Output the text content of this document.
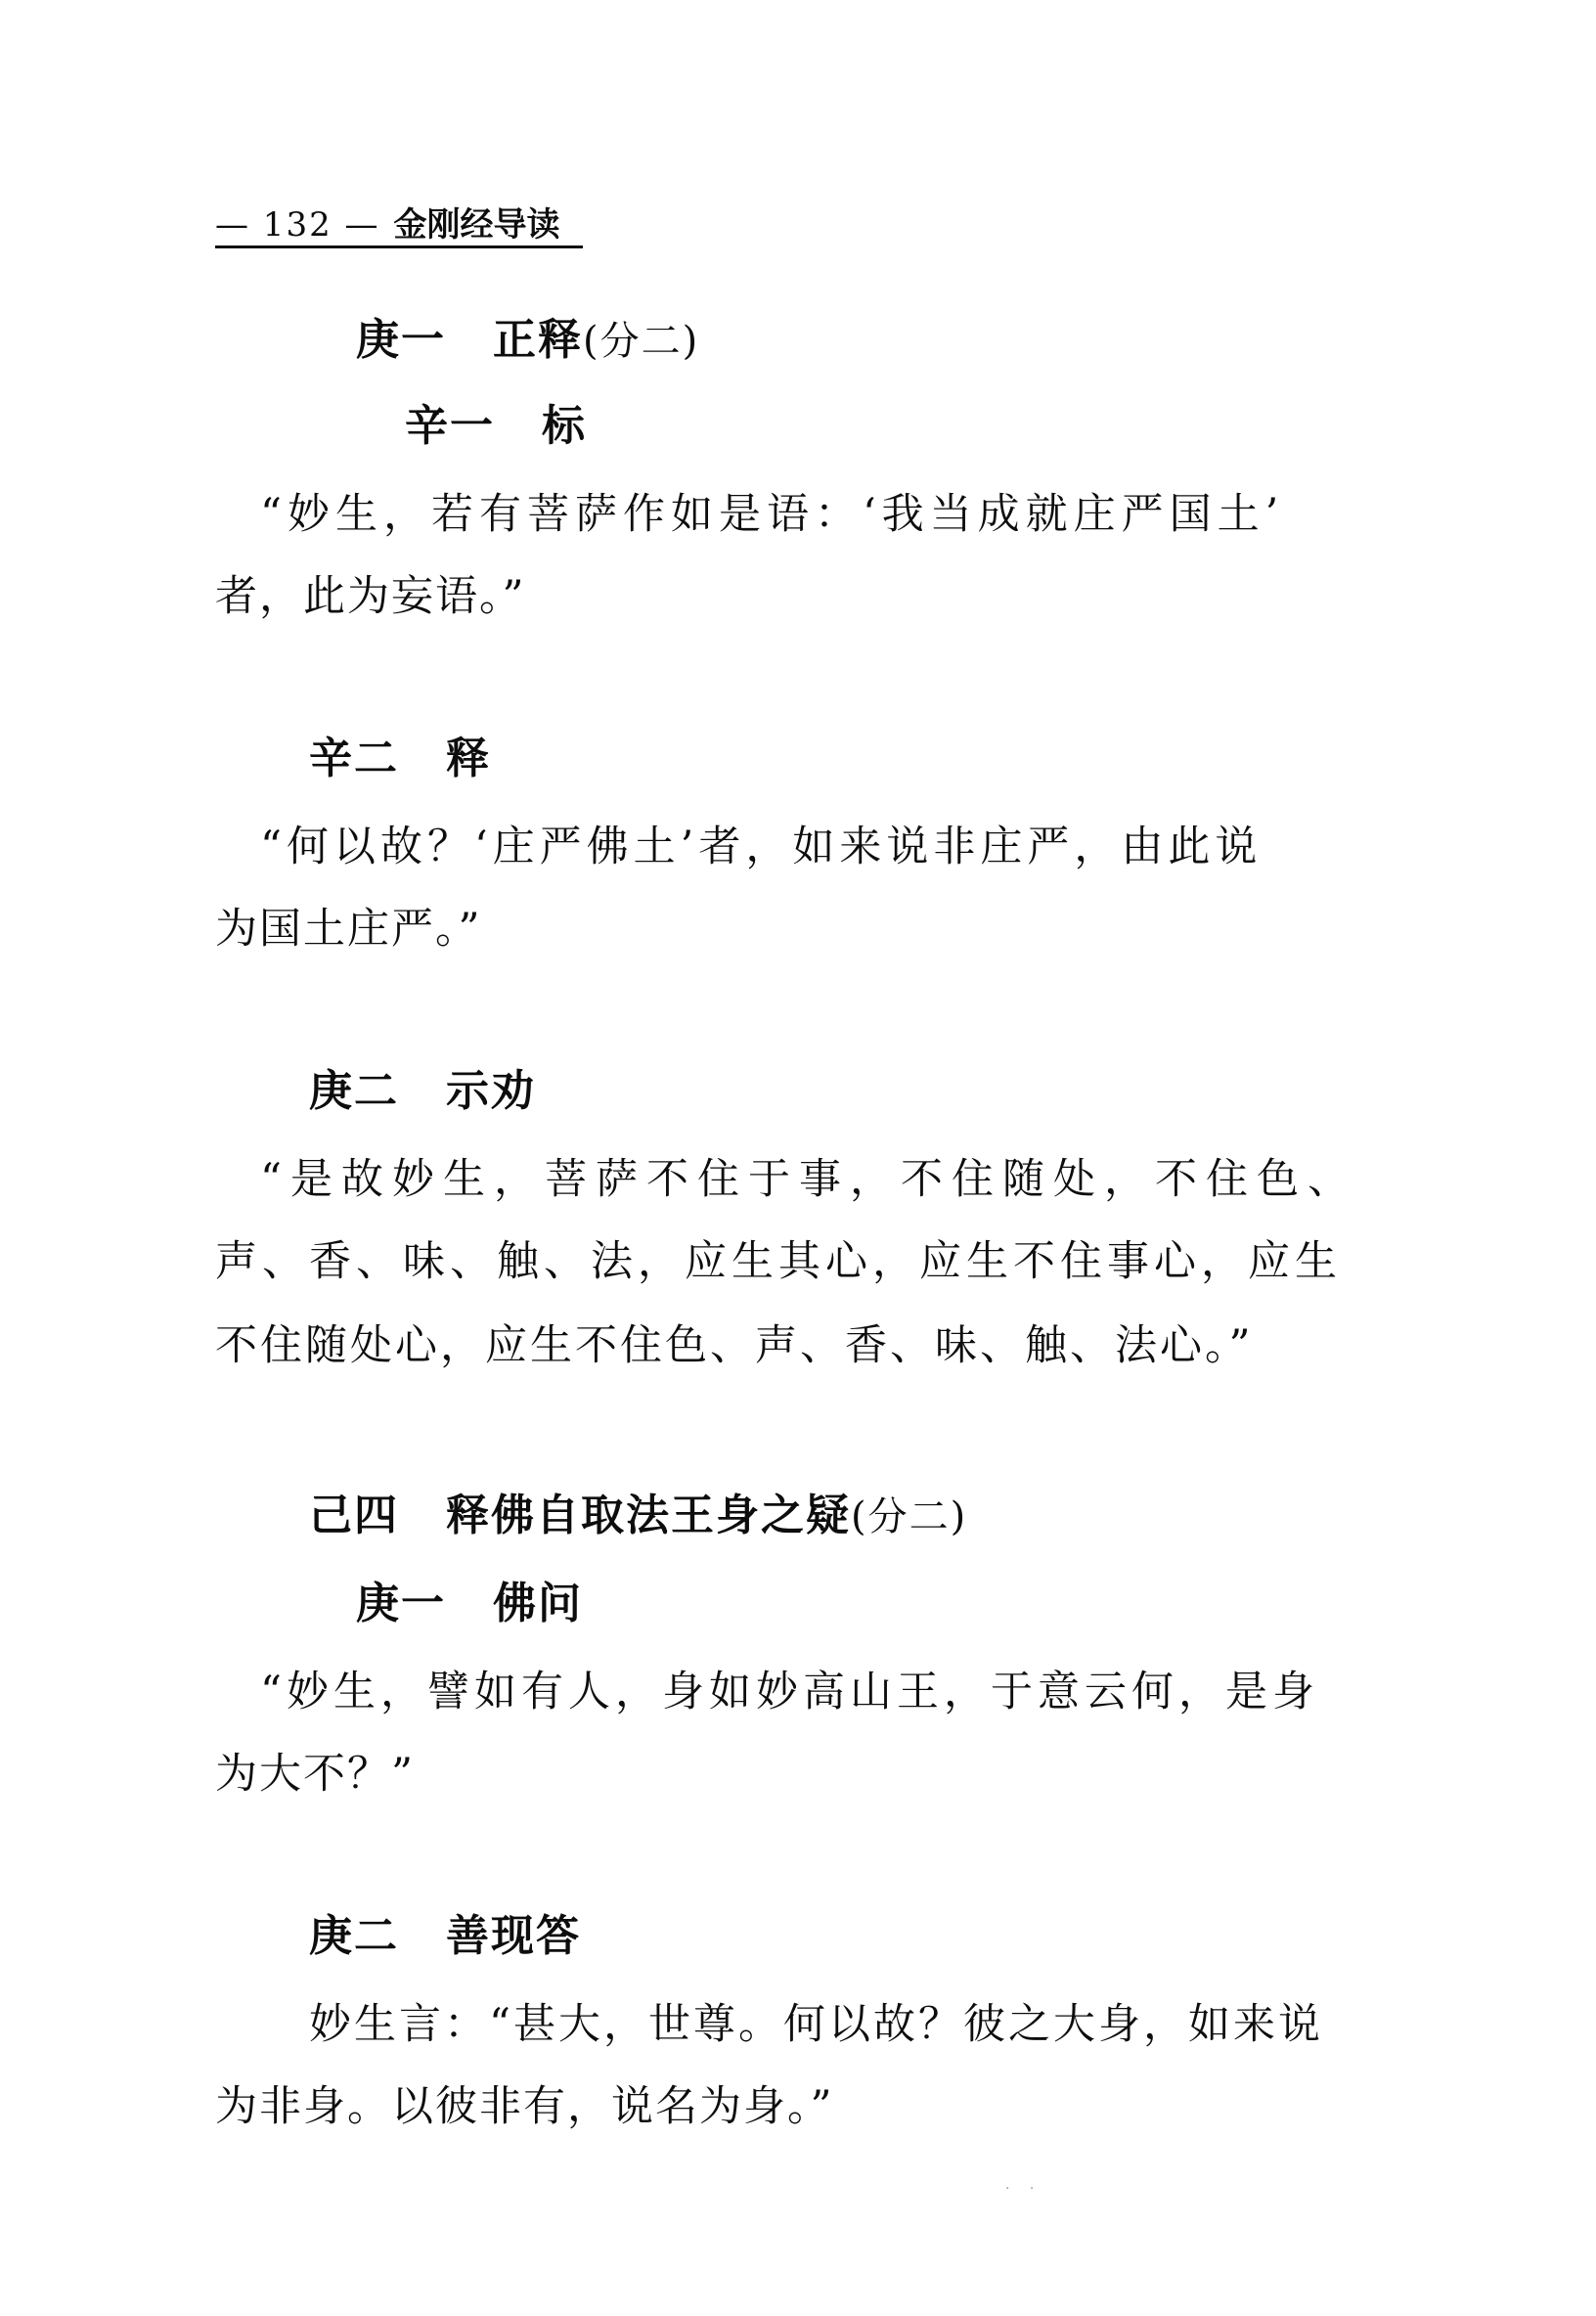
— 132 — 金刚经导读
庚一 正释(分二)
辛一 标
“妙生，若有菩萨作如是语：‘我当成就庄严国土’
者，此为妄语。”
辛二 释
“何以故？‘庄严佛土’者，如来说非庄严，由此说
为国土庄严。”
庚二 示劝
“是故妙生，菩萨不住于事，不住随处，不住色、
声、香、味、触、法，应生其心，应生不住事心，应生
不住随处心，应生不住色、声、香、味、触、法心。”
己四 释佛自取法王身之疑(分二)
庚一 佛问
“妙生，譬如有人，身如妙高山王，于意云何，是身
为大不？”
庚二 善现答
妙生言：“甚大，世尊。何以故？彼之大身，如来说
为非身。以彼非有，说名为身。”
· ·
